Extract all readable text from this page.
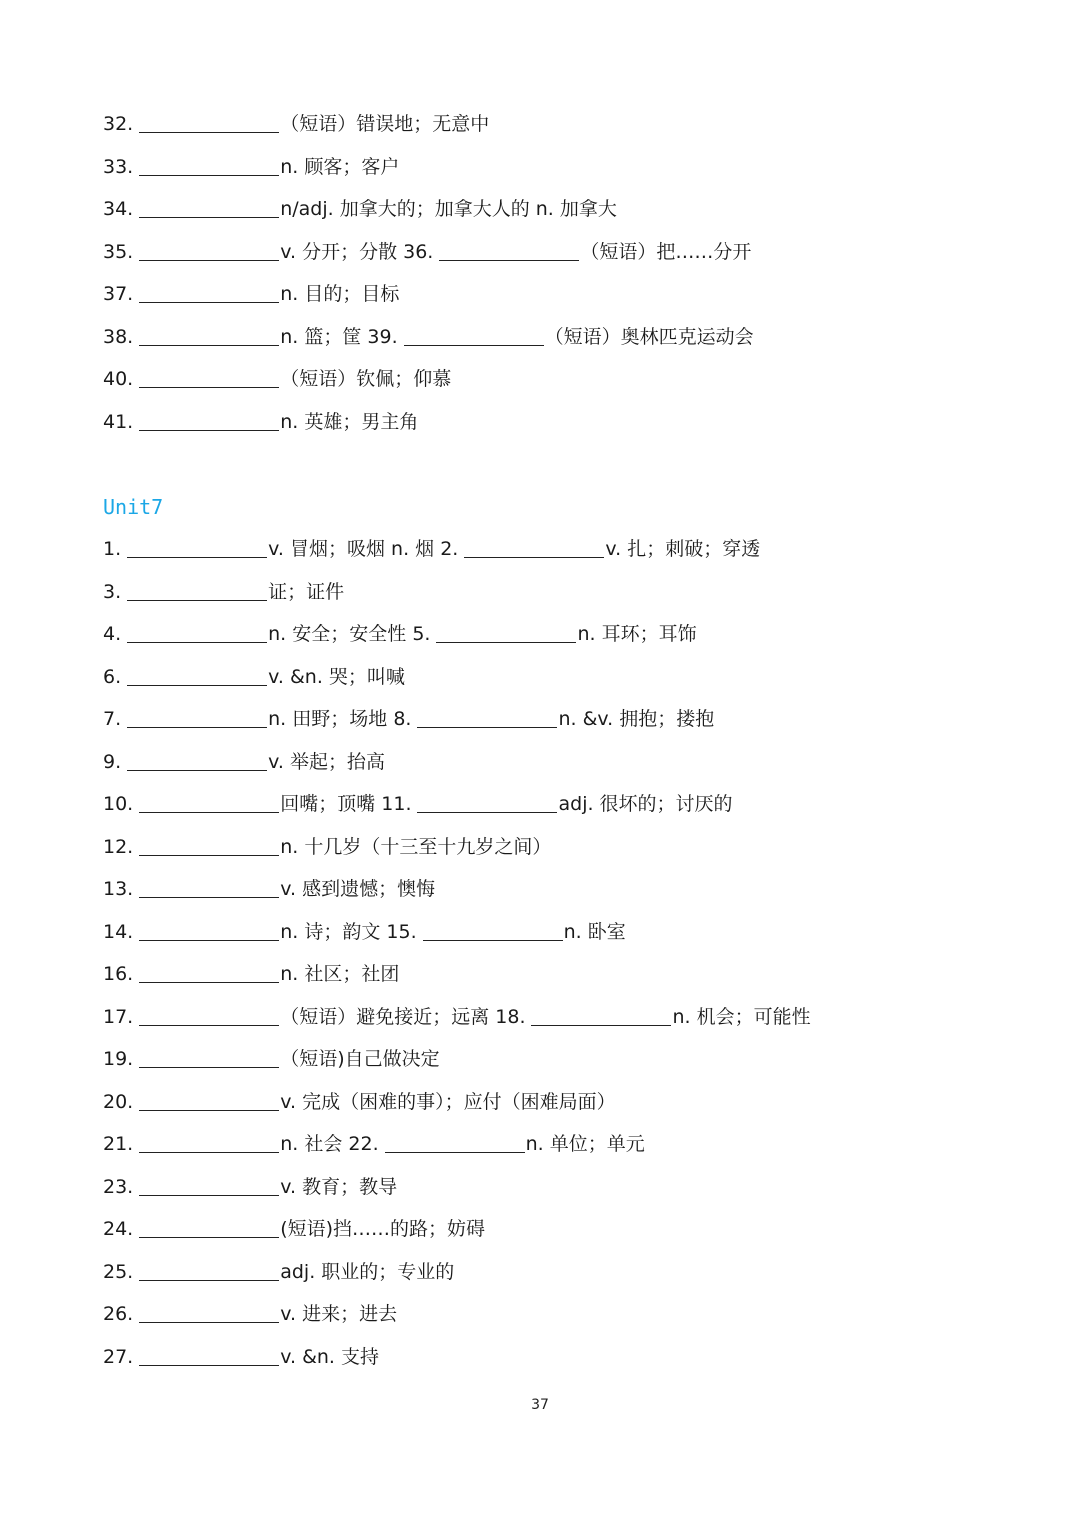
32.	（短语）错误地；无意中
33.	n. 顾客；客户
34.	n/adj. 加拿大的；加拿大人的 n. 加拿大
35.	v. 分开；分散 36.	（短语）把……分开
37.	n. 目的；目标
38.	n. 篮；筐 39.	（短语）奥林匹克运动会
40.	（短语）钦佩；仰慕
41.	n. 英雄；男主角
Unit7
1.	v. 冒烟；吸烟 n. 烟 2.	v. 扎；刺破；穿透
3.	证；证件
4.	n. 安全；安全性 5.	n. 耳环；耳饰
6.	v. &n. 哭；叫喊
7.	n. 田野；场地 8.	n. &v. 拥抱；搂抱
9.	v. 举起；抬高
10.	回嘴；顶嘴 11.	adj. 很坏的；讨厌的
12.	n. 十几岁（十三至十九岁之间）
13.	v. 感到遗憾；懊悔
14.	n. 诗；韵文 15.	n. 卧室
16.	n. 社区；社团
17.	（短语）避免接近；远离 18.	n. 机会；可能性
19.	（短语)自己做决定
20.	v. 完成（困难的事）；应付（困难局面）
21.	n. 社会 22.	n. 单位；单元
23.	v. 教育；教导
24.	(短语)挡……的路；妨碍
25.	adj. 职业的；专业的
26.	v. 进来；进去
27.	v. &n. 支持
37
